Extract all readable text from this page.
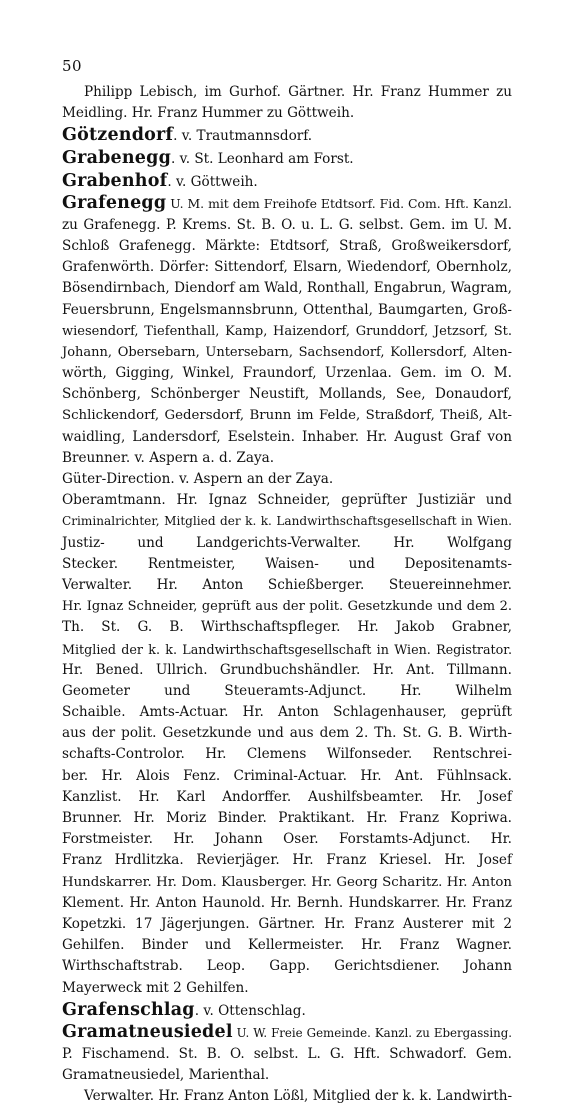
50
Philipp Lebisch, im Gurhof. Gärtner. Hr. Franz Hummer zu
Meidling. Hr. Franz Hummer zu Göttweih.
Götzendorf. v. Trautmannsdorf.
Grabenegg. v. St. Leonhard am Forst.
Grabenhof. v. Göttweih.
Grafenegg U. M. mit dem Freihofe Etdtsorf. Fid. Com. Hft. Kanzl.
zu Grafenegg. P. Krems. St. B. O. u. L. G. selbst. Gem. im U. M.
Schloß Grafenegg. Märkte: Etdtsorf, Straß, Großweikersdorf,
Grafenwörth. Dörfer: Sittendorf, Elsarn, Wiedendorf, Obernholz,
Bösendirnbach, Diendorf am Wald, Ronthall, Engabrun, Wagram,
Feuersbrunn, Engelsmannsbrunn, Ottenthal, Baumgarten, Groß-
wiesendorf, Tiefenthall, Kamp, Haizendorf, Grunddorf, Jetzsorf, St.
Johann, Obersebarn, Untersebarn, Sachsendorf, Kollersdorf, Alten-
wörth, Gigging, Winkel, Fraundorf, Urzenlaa. Gem. im O. M.
Schönberg, Schönberger Neustift, Mollands, See, Donaudorf,
Schlickendorf, Gedersdorf, Brunn im Felde, Straßdorf, Theiß, Alt-
waidling, Landersdorf, Eselstein. Inhaber. Hr. August Graf von
Breunner. v. Aspern a. d. Zaya.
Güter-Direction. v. Aspern an der Zaya.
Oberamtmann. Hr. Ignaz Schneider, geprüfter Justiziär und
Criminalrichter, Mitglied der k. k. Landwirthschaftsgesellschaft in Wien.
Justiz- und Landgerichts-Verwalter. Hr. Wolfgang
Stecker. Rentmeister, Waisen- und Depositenamts-
Verwalter. Hr. Anton Schießberger. Steuereinnehmer.
Hr. Ignaz Schneider, geprüft aus der polit. Gesetzkunde und dem 2.
Th. St. G. B. Wirthschaftspfleger. Hr. Jakob Grabner,
Mitglied der k. k. Landwirthschaftsgesellschaft in Wien. Registrator.
Hr. Bened. Ullrich. Grundbuchshändler. Hr. Ant. Tillmann.
Geometer und Steueramts-Adjunct. Hr. Wilhelm
Schaible. Amts-Actuar. Hr. Anton Schlagenhauser, geprüft
aus der polit. Gesetzkunde und aus dem 2. Th. St. G. B. Wirth-
schafts-Controlor. Hr. Clemens Wilfonseder. Rentschrei-
ber. Hr. Alois Fenz. Criminal-Actuar. Hr. Ant. Fühlnsack.
Kanzlist. Hr. Karl Andorffer. Aushilfsbeamter. Hr. Josef
Brunner. Hr. Moriz Binder. Praktikant. Hr. Franz Kopriwa.
Forstmeister. Hr. Johann Oser. Forstamts-Adjunct. Hr.
Franz Hrdlitzka. Revierjäger. Hr. Franz Kriesel. Hr. Josef
Hundskarrer. Hr. Dom. Klausberger. Hr. Georg Scharitz. Hr. Anton
Klement. Hr. Anton Haunold. Hr. Bernh. Hundskarrer. Hr. Franz
Kopetzki. 17 Jägerjungen. Gärtner. Hr. Franz Austerer mit 2
Gehilfen. Binder und Kellermeister. Hr. Franz Wagner.
Wirthschaftstrab. Leop. Gapp. Gerichtsdiener. Johann
Mayerweck mit 2 Gehilfen.
Grafenschlag. v. Ottenschlag.
Gramatneusiedel U. W. Freie Gemeinde. Kanzl. zu Ebergassing.
P. Fischamend. St. B. O. selbst. L. G. Hft. Schwadorf. Gem.
Gramatneusiedel, Marienthal.
Verwalter. Hr. Franz Anton Lößl, Mitglied der k. k. Landwirth-
